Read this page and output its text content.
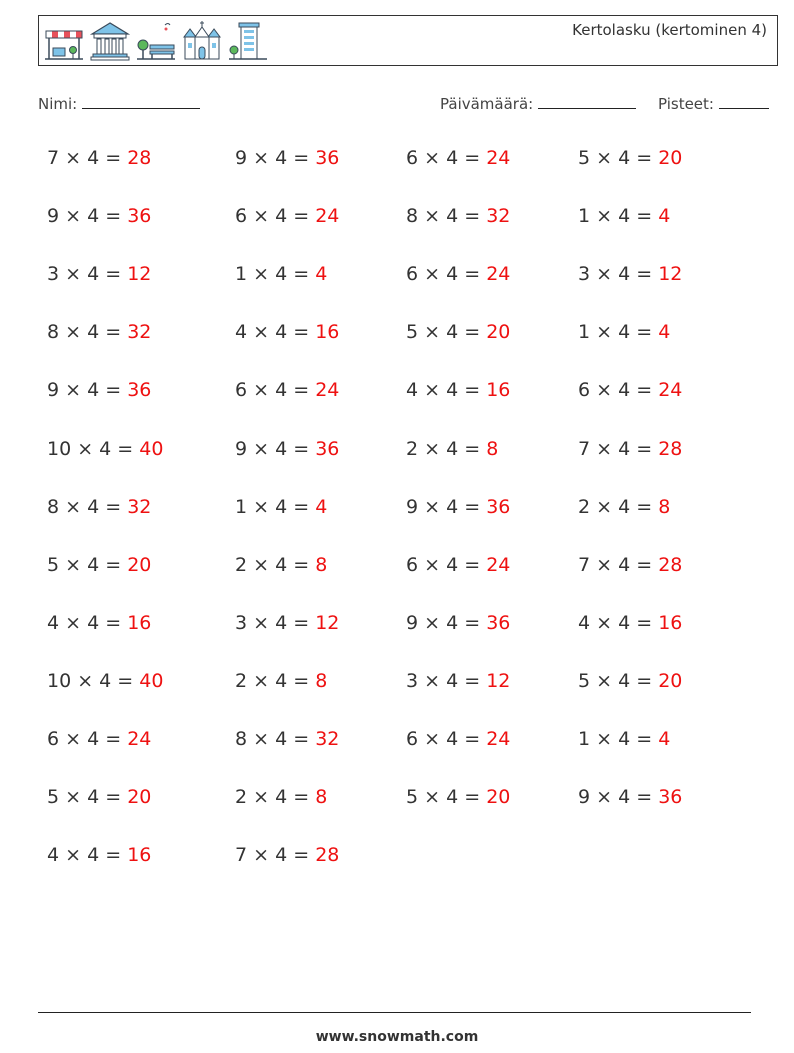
Kertolasku (kertominen 4)
Nimi:	Päivämäärä:	Pisteet:
7 × 4 = 28
9 × 4 = 36
3 × 4 = 12
8 × 4 = 32
9 × 4 = 36
10 × 4 = 40
8 × 4 = 32
5 × 4 = 20
4 × 4 = 16
10 × 4 = 40
6 × 4 = 24
5 × 4 = 20
4 × 4 = 16
9 × 4 = 36
6 × 4 = 24
1 × 4 = 4
4 × 4 = 16
6 × 4 = 24
9 × 4 = 36
1 × 4 = 4
2 × 4 = 8
3 × 4 = 12
2 × 4 = 8
8 × 4 = 32
2 × 4 = 8
7 × 4 = 28
6 × 4 = 24
8 × 4 = 32
6 × 4 = 24
5 × 4 = 20
4 × 4 = 16
2 × 4 = 8
9 × 4 = 36
6 × 4 = 24
9 × 4 = 36
3 × 4 = 12
6 × 4 = 24
5 × 4 = 20
5 × 4 = 20
1 × 4 = 4
3 × 4 = 12
1 × 4 = 4
6 × 4 = 24
7 × 4 = 28
2 × 4 = 8
7 × 4 = 28
4 × 4 = 16
5 × 4 = 20
1 × 4 = 4
9 × 4 = 36
www.snowmath.com
